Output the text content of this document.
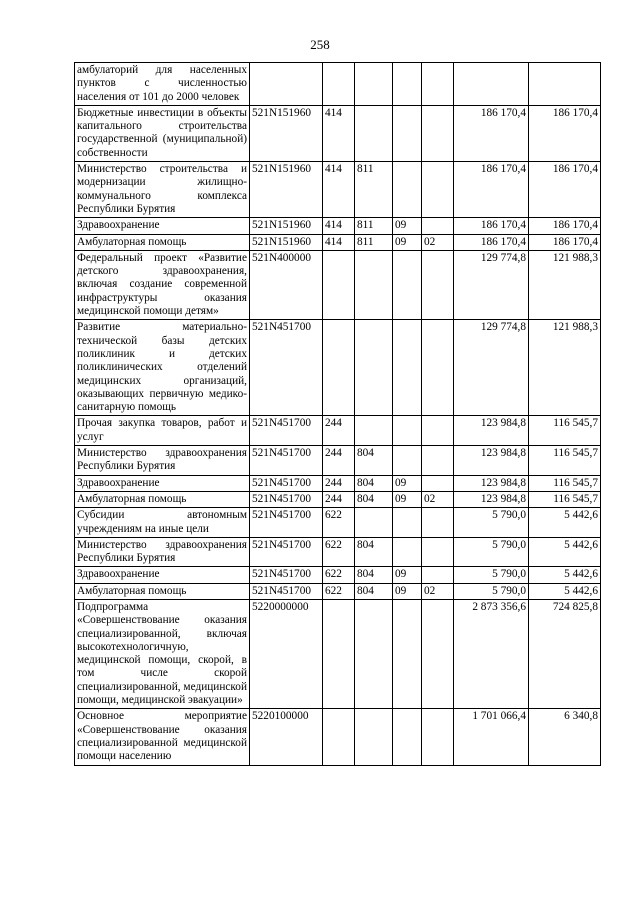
258
амбулаторий для населенных пунктов с численностью населения от 101 до 2000 человек							
Бюджетные инвестиции в объекты капитального строительства государственной (муниципальной) собственности	521N151960	414				186 170,4	186 170,4
Министерство строительства и модернизации жилищно-коммунального комплекса Республики Бурятия	521N151960	414	811			186 170,4	186 170,4
Здравоохранение	521N151960	414	811	09		186 170,4	186 170,4
Амбулаторная помощь	521N151960	414	811	09	02	186 170,4	186 170,4
Федеральный проект «Развитие детского здравоохранения, включая создание современной инфраструктуры оказания медицинской помощи детям»	521N400000					129 774,8	121 988,3
Развитие материально-технической базы детских поликлиник и детских поликлинических отделений медицинских организаций, оказывающих первичную медико-санитарную помощь	521N451700					129 774,8	121 988,3
Прочая закупка товаров, работ и услуг	521N451700	244				123 984,8	116 545,7
Министерство здравоохранения Республики Бурятия	521N451700	244	804			123 984,8	116 545,7
Здравоохранение	521N451700	244	804	09		123 984,8	116 545,7
Амбулаторная помощь	521N451700	244	804	09	02	123 984,8	116 545,7
Субсидии автономным учреждениям на иные цели	521N451700	622				5 790,0	5 442,6
Министерство здравоохранения Республики Бурятия	521N451700	622	804			5 790,0	5 442,6
Здравоохранение	521N451700	622	804	09		5 790,0	5 442,6
Амбулаторная помощь	521N451700	622	804	09	02	5 790,0	5 442,6
Подпрограмма «Совершенствование оказания специализированной, включая высокотехнологичную, медицинской помощи, скорой, в том числе скорой специализированной, медицинской помощи, медицинской эвакуации»	5220000000					2 873 356,6	724 825,8
Основное мероприятие «Совершенствование оказания специализированной медицинской помощи населению	5220100000					1 701 066,4	6 340,8
